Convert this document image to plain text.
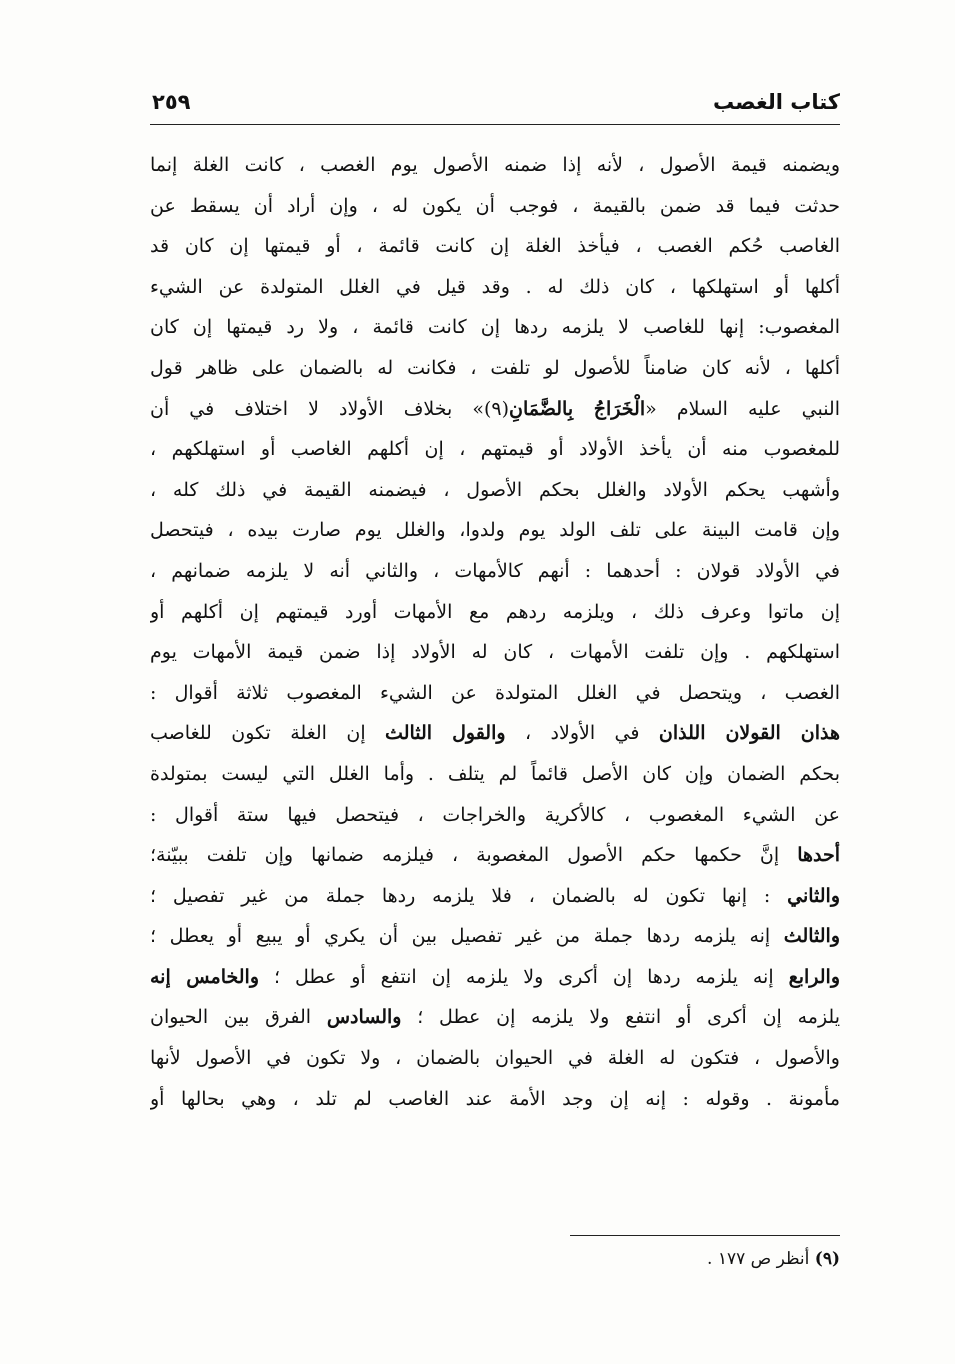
كتاب الغصب
٢٥٩
ويضمنه قيمة الأصول ، لأنه إذا ضمنه الأصول يوم الغصب ، كانت الغلة إنما
حدثت فيما قد ضمن بالقيمة ، فوجب أن يكون له ، وإن أراد أن يسقط عن
الغاصب حُكم الغصب ، فيأخذ الغلة إن كانت قائمة ، أو قيمتها إن كان قد
أكلها أو استهلكها ، كان ذلك له . وقد قيل في الغلل المتولدة عن الشيء
المغصوب: إنها للغاصب لا يلزمه ردها إن كانت قائمة ، ولا رد قيمتها إن كان
أكلها ، لأنه كان ضامناً للأصول لو تلفت ، فكانت له بالضمان على ظاهر قول
النبي عليه السلام «الْخَرَاجُ بِالضَّمَانِ(٩)» بخلاف الأولاد لا اختلاف في أن
للمغصوب منه أن يأخذ الأولاد أو قيمتهم ، إن أكلهم الغاصب أو استهلكهم ،
وأشهب يحكم الأولاد والغلل بحكم الأصول ، فيضمنه القيمة في ذلك كله ،
وإن قامت البينة على تلف الولد يوم ولدوا، والغلل يوم صارت بيده ، فيتحصل
في الأولاد قولان : أحدهما : أنهم كالأمهات ، والثاني أنه لا يلزمه ضمانهم ،
إن ماتوا وعرف ذلك ، ويلزمه ردهم مع الأمهات أورد قيمتهم إن أكلهم أو
استهلكهم . وإن تلفت الأمهات ، كان له الأولاد إذا ضمن قيمة الأمهات يوم
الغصب ، ويتحصل في الغلل المتولدة عن الشيء المغصوب ثلاثة أقوال :
هذان القولان اللذان في الأولاد ، والقول الثالث إن الغلة تكون للغاصب
بحكم الضمان وإن كان الأصل قائماً لم يتلف . وأما الغلل التي ليست بمتولدة
عن الشيء المغصوب ، كالأكرية والخراجات ، فيتحصل فيها ستة أقوال :
أحدها إنَّ حكمها حكم الأصول المغصوبة ، فيلزمه ضمانها وإن تلفت ببيّنة؛
والثاني : إنها تكون له بالضمان ، فلا يلزمه ردها جملة من غير تفصيل ؛
والثالث إنه يلزمه ردها جملة من غير تفصيل بين أن يكري أو يبيع أو يعطل ؛
والرابع إنه يلزمه ردها إن أكرى ولا يلزمه إن انتفع أو عطل ؛ والخامس إنه
يلزمه إن أكرى أو انتفع ولا يلزمه إن عطل ؛ والسادس الفرق بين الحيوان
والأصول ، فتكون له الغلة في الحيوان بالضمان ، ولا تكون في الأصول لأنها
مأمونة . وقوله : إنه إن وجد الأمة عند الغاصب لم تلد ، وهي بحالها أو
(٩) أنظر ص ١٧٧ .
